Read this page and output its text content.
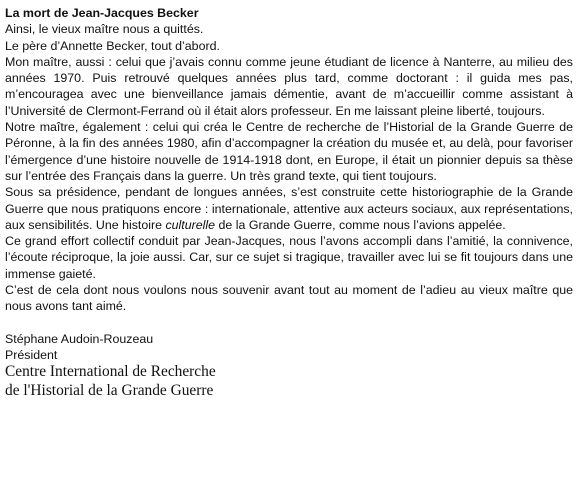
La mort de Jean-Jacques Becker

Ainsi, le vieux maître nous a quittés.

Le père d’Annette Becker, tout d’abord.

Mon maître, aussi : celui que j’avais connu comme jeune étudiant de licence à Nanterre, au milieu des années 1970. Puis retrouvé quelques années plus tard, comme doctorant : il guida mes pas, m’encouragea avec une bienveillance jamais démentie, avant de m’accueillir comme assistant à l’Université de Clermont-Ferrand où il était alors professeur. En me laissant pleine liberté, toujours.

Notre maître, également : celui qui créa le Centre de recherche de l’Historial de la Grande Guerre de Péronne, à la fin des années 1980, afin d’accompagner la création du musée et, au delà, pour favoriser l’émergence d’une histoire nouvelle de 1914-1918 dont, en Europe, il était un pionnier depuis sa thèse sur l’entrée des Français dans la guerre. Un très grand texte, qui tient toujours.

Sous sa présidence, pendant de longues années, s’est construite cette historiographie de la Grande Guerre que nous pratiquons encore : internationale, attentive aux acteurs sociaux, aux représentations, aux sensibilités. Une histoire culturelle de la Grande Guerre, comme nous l’avions appelée.

Ce grand effort collectif conduit par Jean-Jacques, nous l’avons accompli dans l’amitié, la connivence, l’écoute réciproque, la joie aussi. Car, sur ce sujet si tragique, travailler avec lui se fit toujours dans une immense gaieté.

C’est de cela dont nous voulons nous souvenir avant tout au moment de l’adieu au vieux maître que nous avons tant aimé.

Stéphane Audoin-Rouzeau

Président

Centre International de Recherche

de l'Historial de la Grande Guerre
